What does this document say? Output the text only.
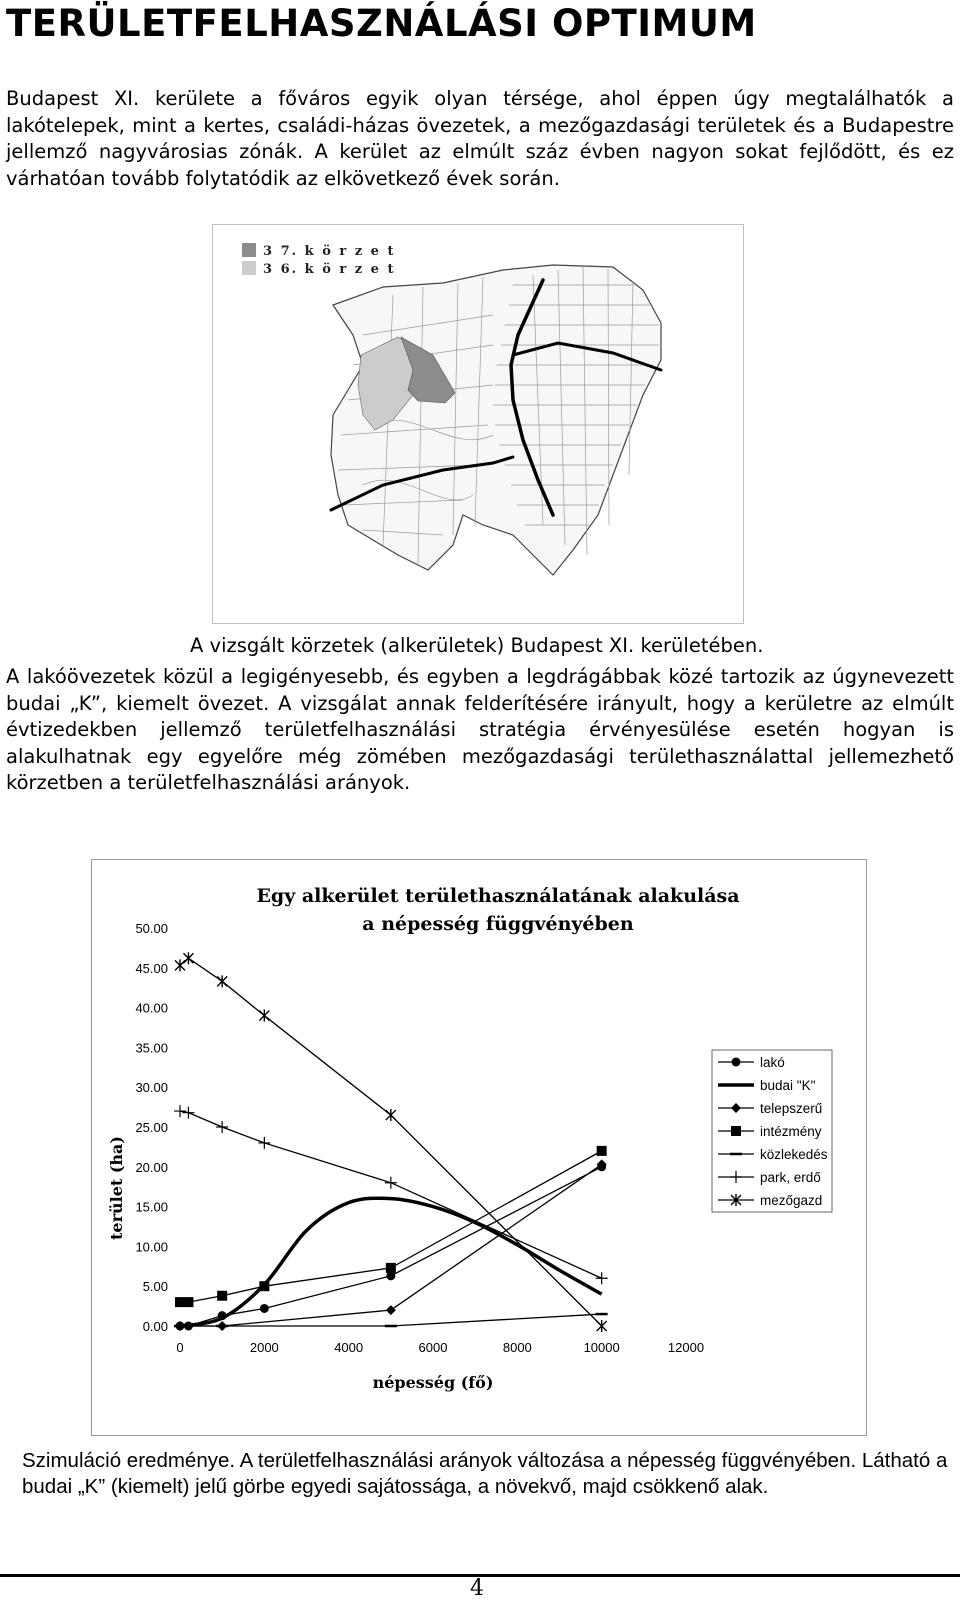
TERÜLETFELHASZNÁLÁSI OPTIMUM

Budapest XI. kerülete a főváros egyik olyan térsége, ahol éppen úgy megtalálhatók a lakótelepek, mint a kertes, családi-házas övezetek, a mezőgazdasági területek és a Budapestre jellemző nagyvárosias zónák. A kerület az elmúlt száz évben nagyon sokat fejlődött, és ez várhatóan tovább folytatódik az elkövetkező évek során.

3 7. k ö r z e t
3 6. k ö r z e t

A vizsgált körzetek (alkerületek) Budapest XI. kerületében.

A lakóövezetek közül a legigényesebb, és egyben a legdrágábbak közé tartozik az úgynevezett budai „K”, kiemelt övezet. A vizsgálat annak felderítésére irányult, hogy a kerületre az elmúlt évtizedekben jellemző területfelhasználási stratégia érvényesülése esetén hogyan is alakulhatnak egy egyelőre még zömében mezőgazdasági területhasználattal jellemezhető körzetben a területfelhasználási arányok.

Egy alkerület területhasználatának alakulása
a népesség függvényében
terület (ha)
népesség (fő)
0.00
5.00
10.00
15.00
20.00
25.00
30.00
35.00
40.00
45.00
50.00
0	2000	4000	6000	8000	10000	12000
lakó
budai "K"
telepszerű
intézmény
közlekedés
park, erdő
mezőgazd

Szimuláció eredménye. A területfelhasználási arányok változása a népesség függvényében. Látható a budai „K” (kiemelt) jelű görbe egyedi sajátossága, a növekvő, majd csökkenő alak.

4
